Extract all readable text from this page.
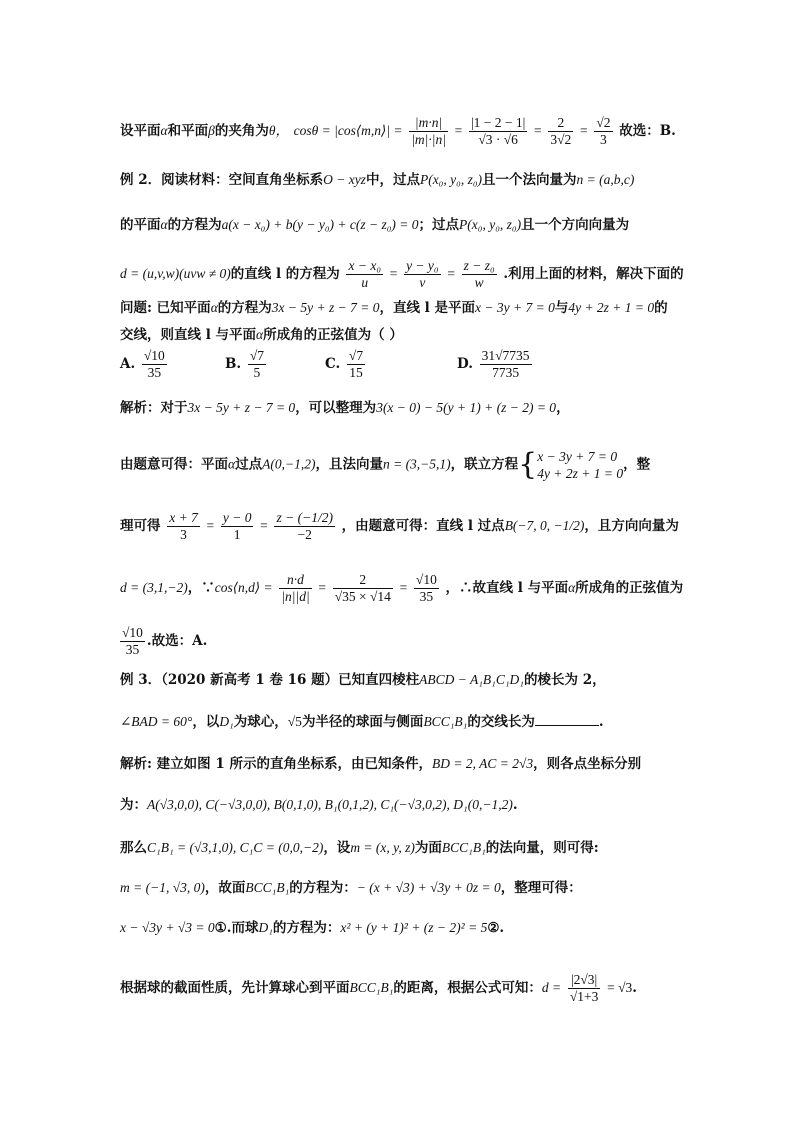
设平面α和平面β的夹角为θ， cosθ = |cos⟨m,n⟩| = $\frac{|m\cdot n|}{|m|\cdot|n|} = \frac{|1 - 2 - 1|}{√3 \cdot √6} = \frac{2}{3√2} = \frac{√2}{3}$ 故选：B.
例 2．阅读材料：空间直角坐标系O − xyz中，过点P(x₀, y₀, z₀)且一个法向量为n = (a,b,c)
的平面α的方程为a(x − x₀) + b(y − y₀) + c(z − z₀) = 0；过点P(x₀, y₀, z₀)且一个方向向量为
d = (u,v,w)(uvw ≠ 0)的直线 l 的方程为 $\frac{\text{x − x₀}}{u} = \frac{\text{y − y₀}}{v} = \frac{\text{z − z₀}}{w}$ .利用上面的材料，解决下面的
问题: 已知平面α的方程为3x − 5y + z − 7 = 0，直线 l 是平面x − 3y + 7 = 0与4y + 2z + 1 = 0的
交线，则直线 l 与平面α所成角的正弦值为（ ）
A. $\frac{√10}{35}$	B. $\frac{√7}{5}$	C. $\frac{√7}{15}$	D. $\frac{31√7735}{7735}$
解析：对于3x − 5y + z − 7 = 0，可以整理为3(x − 0) − 5(y + 1) + (z − 2) = 0，
由题意可得：平面α过点A(0,−1,2)，且法向量n = (3,−5,1)，联立方程{ x − 3y + 7 = 0
4y + 2z + 1 = 0
，整
理可得 $\frac{x + 7}{3} = \frac{y - 0}{1} = \frac{z - (-1/2)}{-2}$ ，由题意可得：直线 l 过点B(−7, 0, −1/2)，且方向向量为
d = (3,1,−2)，∵cos⟨n,d⟩ = $\frac{n\cdot d}{|n||d|} = \frac{2}{√35 \times √14} = \frac{√10}{35}$ ，∴故直线 l 与平面α所成角的正弦值为
$\frac{√10}{35}$ .故选：A.
例 3．（2020 新高考 1 卷 16 题）已知直四棱柱ABCD − A₁B₁C₁D₁的棱长为 2，
∠BAD = 60°，以D₁为球心，√5为半径的球面与侧面BCC₁B₁的交线长为	.
解析: 建立如图 1 所示的直角坐标系，由已知条件，BD = 2, AC = 2√3，则各点坐标分别
为：A(√3,0,0), C(−√3,0,0), B(0,1,0), B₁(0,1,2), C₁(−√3,0,2), D₁(0,−1,2).
那么C₁B₁ = (√3,1,0), C₁C = (0,0,−2)，设m = (x, y, z)为面BCC₁B₁的法向量，则可得:
m = (−1, √3, 0)，故面BCC₁B₁的方程为：− (x + √3) + √3y + 0z = 0，整理可得：
x − √3y + √3 = 0①.而球D₁的方程为：x² + (y + 1)² + (z − 2)² = 5②.
根据球的截面性质，先计算球心到平面BCC₁B₁的距离，根据公式可知：$d = \frac{|2√3|}{√1+3} = √3$.
